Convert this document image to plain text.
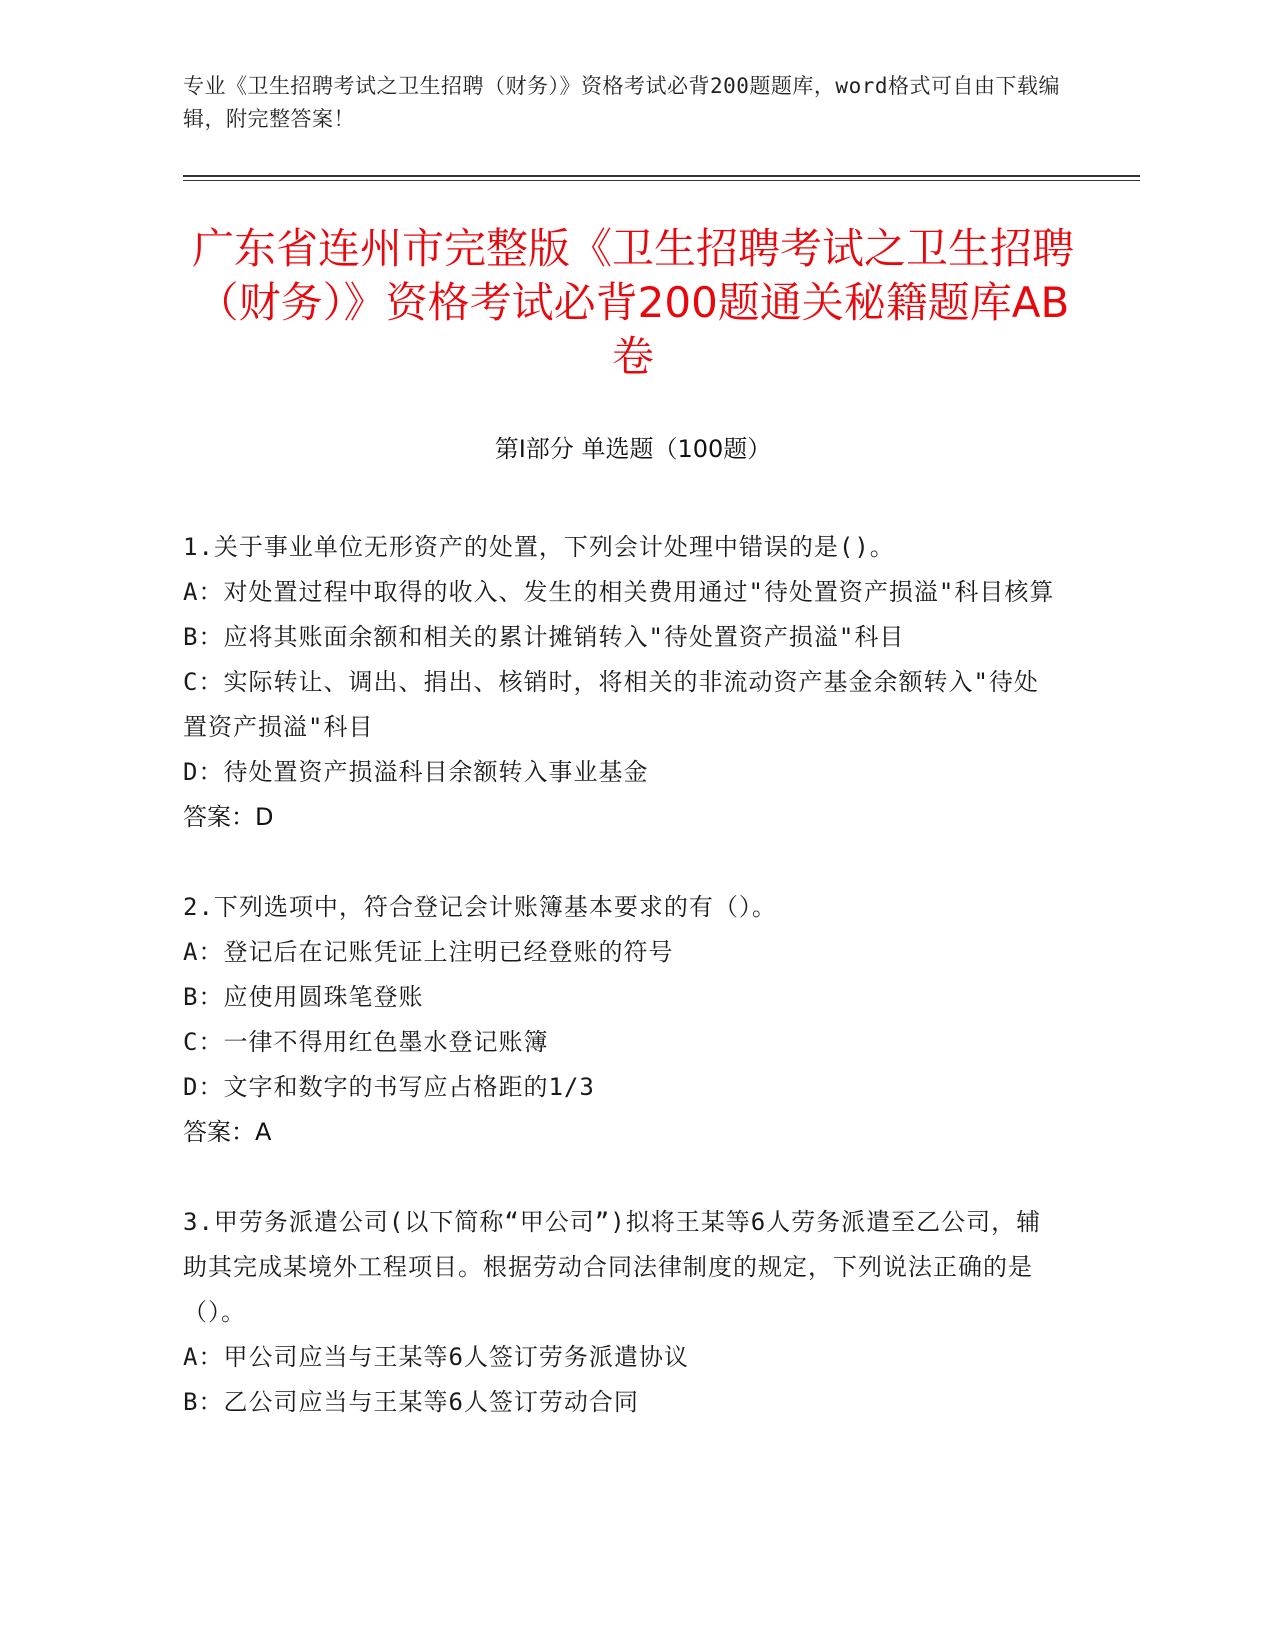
专业《卫生招聘考试之卫生招聘（财务）》资格考试必背200题题库，word格式可自由下载编辑，附完整答案！
广东省连州市完整版《卫生招聘考试之卫生招聘（财务）》资格考试必背200题通关秘籍题库AB卷
第I部分 单选题（100题）

1.关于事业单位无形资产的处置，下列会计处理中错误的是()。

A：对处置过程中取得的收入、发生的相关费用通过"待处置资产损溢"科目核算

B：应将其账面余额和相关的累计摊销转入"待处置资产损溢"科目

C：实际转让、调出、捐出、核销时，将相关的非流动资产基金余额转入"待处置资产损溢"科目

D：待处置资产损溢科目余额转入事业基金

答案：D

2.下列选项中，符合登记会计账簿基本要求的有（）。

A：登记后在记账凭证上注明已经登账的符号

B：应使用圆珠笔登账

C：一律不得用红色墨水登记账簿

D：文字和数字的书写应占格距的1/3

答案：A

3.甲劳务派遣公司(以下简称“甲公司”)拟将王某等6人劳务派遣至乙公司，辅助其完成某境外工程项目。根据劳动合同法律制度的规定，下列说法正确的是（）。

A：甲公司应当与王某等6人签订劳务派遣协议

B：乙公司应当与王某等6人签订劳动合同
